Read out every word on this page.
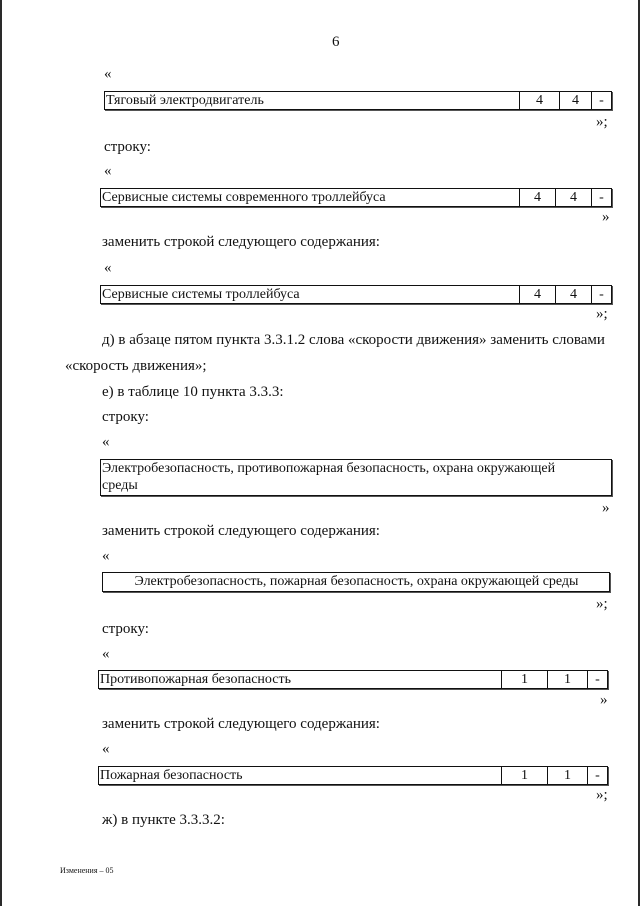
6
«
Тяговый электродвигатель	4	4	-
»;
строку:
«
Сервисные системы современного троллейбуса	4	4	-
»
заменить строкой следующего содержания:
«
Сервисные системы троллейбуса	4	4	-
»;
д) в абзаце пятом пункта 3.3.1.2 слова «скорости движения» заменить словами
«скорость движения»;
е) в таблице 10 пункта 3.3.3:
строку:
«
Электробезопасность, противопожарная безопасность, охрана окружающей
среды
»
заменить строкой следующего содержания:
«
Электробезопасность, пожарная безопасность, охрана окружающей среды
»;
строку:
«
Противопожарная безопасность	1	1	-
»
заменить строкой следующего содержания:
«
Пожарная безопасность	1	1	-
»;
ж) в пункте 3.3.3.2:
Изменения – 05
